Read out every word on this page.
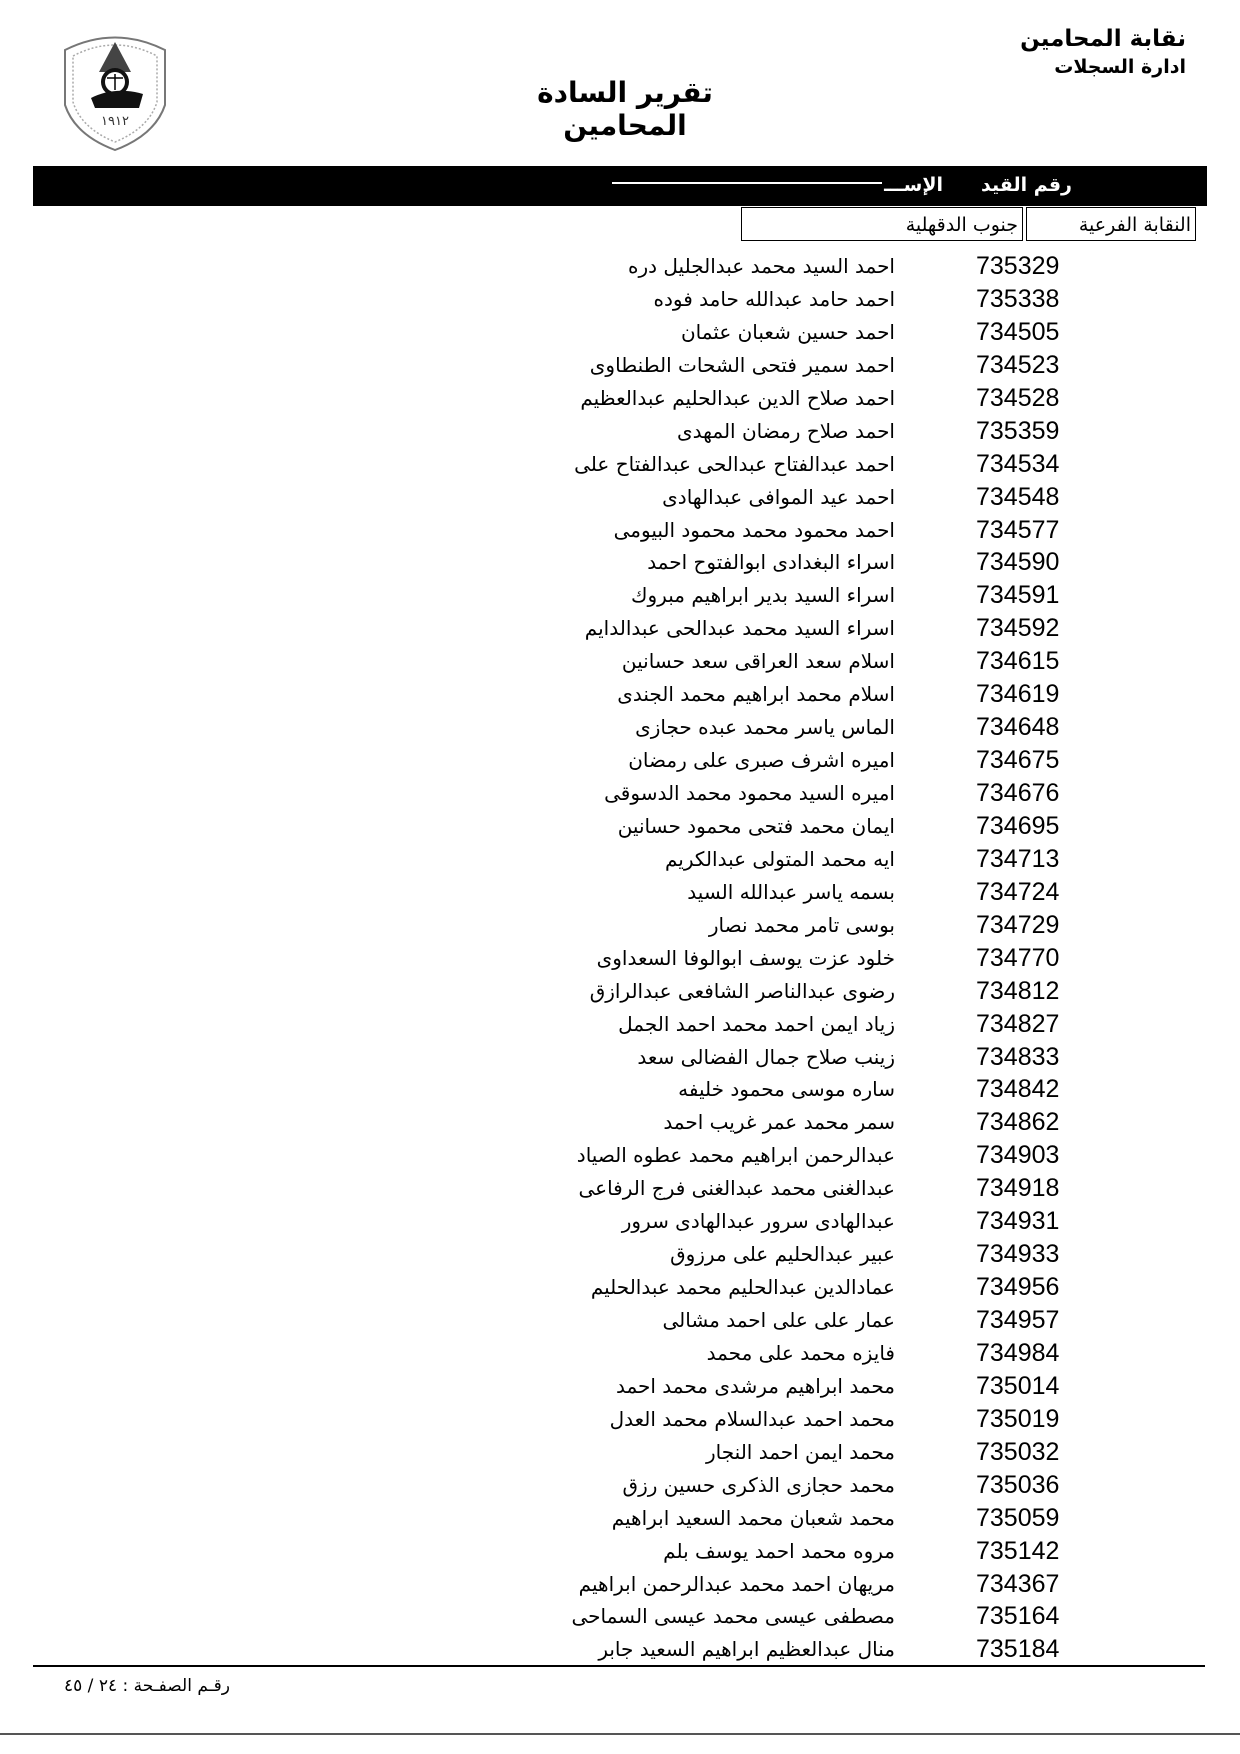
نقابة المحامين
ادارة السجلات
تقرير السادة المحامين
١٩١٢
رقم القيد
الإســـ
النقابة الفرعية
جنوب الدقهلية
735329
احمد السيد محمد عبدالجليل دره
735338
احمد حامد عبدالله حامد فوده
734505
احمد حسين شعبان عثمان
734523
احمد سمير فتحى الشحات الطنطاوى
734528
احمد صلاح الدين عبدالحليم عبدالعظيم
735359
احمد صلاح رمضان المهدى
734534
احمد عبدالفتاح عبدالحى عبدالفتاح على
734548
احمد عيد الموافى عبدالهادى
734577
احمد محمود محمد محمود البيومى
734590
اسراء البغدادى ابوالفتوح احمد
734591
اسراء السيد بدير ابراهيم مبروك
734592
اسراء السيد محمد عبدالحى عبدالدايم
734615
اسلام سعد العراقى سعد حسانين
734619
اسلام محمد ابراهيم محمد الجندى
734648
الماس ياسر محمد عبده حجازى
734675
اميره اشرف صبرى على رمضان
734676
اميره السيد محمود محمد الدسوقى
734695
ايمان محمد فتحى محمود حسانين
734713
ايه محمد المتولى عبدالكريم
734724
بسمه ياسر عبدالله السيد
734729
بوسى تامر محمد نصار
734770
خلود عزت يوسف ابوالوفا السعداوى
734812
رضوى عبدالناصر الشافعى عبدالرازق
734827
زياد ايمن احمد محمد احمد الجمل
734833
زينب صلاح جمال الفضالى سعد
734842
ساره موسى محمود خليفه
734862
سمر محمد عمر غريب احمد
734903
عبدالرحمن ابراهيم محمد عطوه الصياد
734918
عبدالغنى محمد عبدالغنى فرج الرفاعى
734931
عبدالهادى سرور عبدالهادى سرور
734933
عبير عبدالحليم على مرزوق
734956
عمادالدين عبدالحليم محمد عبدالحليم
734957
عمار على على احمد مشالى
734984
فايزه محمد على محمد
735014
محمد ابراهيم مرشدى محمد احمد
735019
محمد احمد عبدالسلام محمد العدل
735032
محمد ايمن احمد النجار
735036
محمد حجازى الذكرى حسين رزق
735059
محمد شعبان محمد السعيد ابراهيم
735142
مروه محمد احمد يوسف بلم
734367
مريهان احمد محمد عبدالرحمن ابراهيم
735164
مصطفى عيسى محمد عيسى السماحى
735184
منال عبدالعظيم ابراهيم السعيد جابر
رقـم الصفـحة : ٢٤ / ٤٥
